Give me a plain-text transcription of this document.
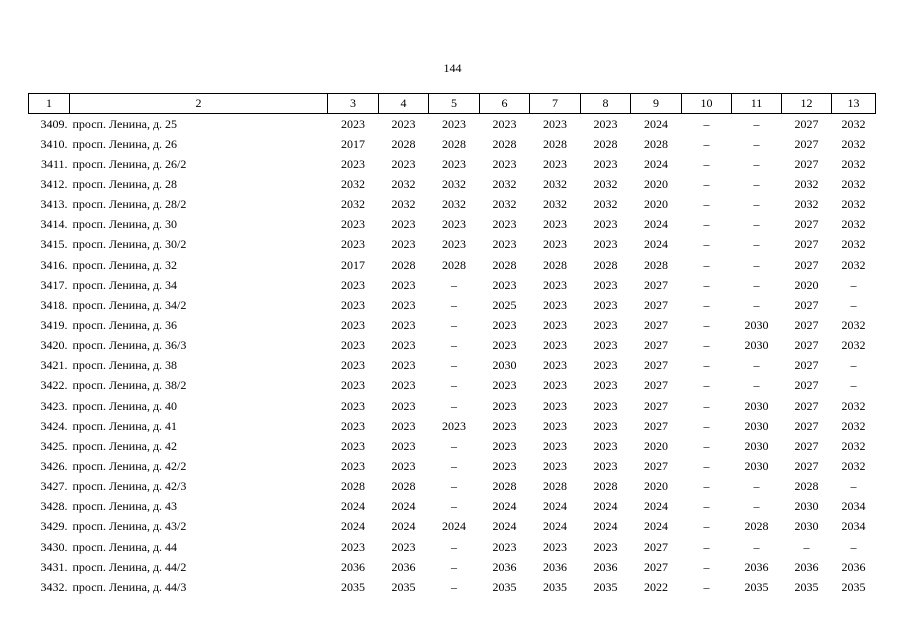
144
1	2	3	4	5	6	7	8	9	10	11	12	13
3409.	просп. Ленина, д. 25	2023	2023	2023	2023	2023	2023	2024	–	–	2027	2032
3410.	просп. Ленина, д. 26	2017	2028	2028	2028	2028	2028	2028	–	–	2027	2032
3411.	просп. Ленина, д. 26/2	2023	2023	2023	2023	2023	2023	2024	–	–	2027	2032
3412.	просп. Ленина, д. 28	2032	2032	2032	2032	2032	2032	2020	–	–	2032	2032
3413.	просп. Ленина, д. 28/2	2032	2032	2032	2032	2032	2032	2020	–	–	2032	2032
3414.	просп. Ленина, д. 30	2023	2023	2023	2023	2023	2023	2024	–	–	2027	2032
3415.	просп. Ленина, д. 30/2	2023	2023	2023	2023	2023	2023	2024	–	–	2027	2032
3416.	просп. Ленина, д. 32	2017	2028	2028	2028	2028	2028	2028	–	–	2027	2032
3417.	просп. Ленина, д. 34	2023	2023	–	2023	2023	2023	2027	–	–	2020	–
3418.	просп. Ленина, д. 34/2	2023	2023	–	2025	2023	2023	2027	–	–	2027	–
3419.	просп. Ленина, д. 36	2023	2023	–	2023	2023	2023	2027	–	2030	2027	2032
3420.	просп. Ленина, д. 36/3	2023	2023	–	2023	2023	2023	2027	–	2030	2027	2032
3421.	просп. Ленина, д. 38	2023	2023	–	2030	2023	2023	2027	–	–	2027	–
3422.	просп. Ленина, д. 38/2	2023	2023	–	2023	2023	2023	2027	–	–	2027	–
3423.	просп. Ленина, д. 40	2023	2023	–	2023	2023	2023	2027	–	2030	2027	2032
3424.	просп. Ленина, д. 41	2023	2023	2023	2023	2023	2023	2027	–	2030	2027	2032
3425.	просп. Ленина, д. 42	2023	2023	–	2023	2023	2023	2020	–	2030	2027	2032
3426.	просп. Ленина, д. 42/2	2023	2023	–	2023	2023	2023	2027	–	2030	2027	2032
3427.	просп. Ленина, д. 42/3	2028	2028	–	2028	2028	2028	2020	–	–	2028	–
3428.	просп. Ленина, д. 43	2024	2024	–	2024	2024	2024	2024	–	–	2030	2034
3429.	просп. Ленина, д. 43/2	2024	2024	2024	2024	2024	2024	2024	–	2028	2030	2034
3430.	просп. Ленина, д. 44	2023	2023	–	2023	2023	2023	2027	–	–	–	–
3431.	просп. Ленина, д. 44/2	2036	2036	–	2036	2036	2036	2027	–	2036	2036	2036
3432.	просп. Ленина, д. 44/3	2035	2035	–	2035	2035	2035	2022	–	2035	2035	2035
